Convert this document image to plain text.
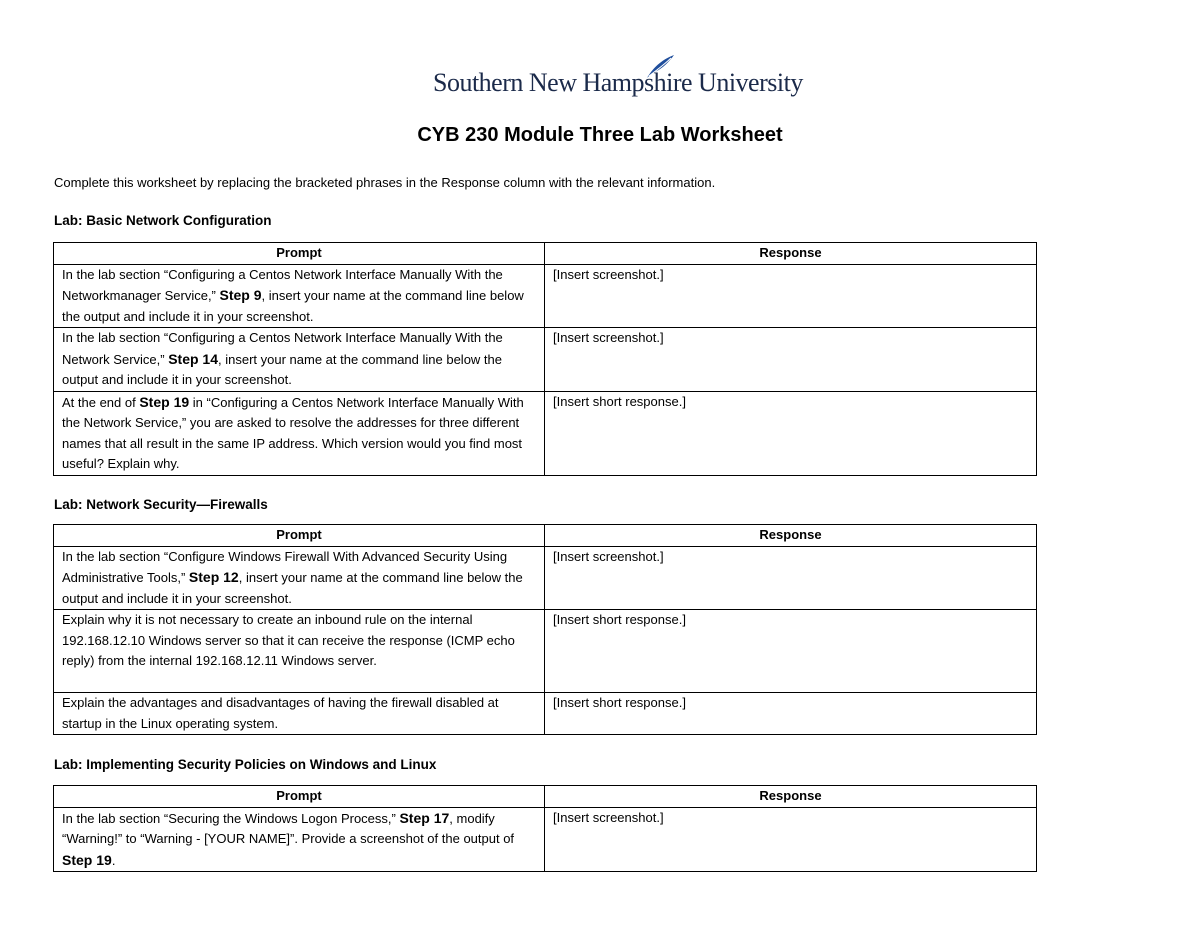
Southern New Hampshire University
CYB 230 Module Three Lab Worksheet
Complete this worksheet by replacing the bracketed phrases in the Response column with the relevant information.
Lab: Basic Network Configuration
Prompt	Response
In the lab section “Configuring a Centos Network Interface Manually With the Networkmanager Service,” Step 9, insert your name at the command line below the output and include it in your screenshot.	[Insert screenshot.]
In the lab section “Configuring a Centos Network Interface Manually With the Network Service,” Step 14, insert your name at the command line below the output and include it in your screenshot.	[Insert screenshot.]
At the end of Step 19 in “Configuring a Centos Network Interface Manually With the Network Service,” you are asked to resolve the addresses for three different names that all result in the same IP address. Which version would you find most useful? Explain why.	[Insert short response.]
Lab: Network Security—Firewalls
Prompt	Response
In the lab section “Configure Windows Firewall With Advanced Security Using Administrative Tools,” Step 12, insert your name at the command line below the output and include it in your screenshot.	[Insert screenshot.]
Explain why it is not necessary to create an inbound rule on the internal 192.168.12.10 Windows server so that it can receive the response (ICMP echo reply) from the internal 192.168.12.11 Windows server.	[Insert short response.]
Explain the advantages and disadvantages of having the firewall disabled at startup in the Linux operating system.	[Insert short response.]
Lab: Implementing Security Policies on Windows and Linux
Prompt	Response
In the lab section “Securing the Windows Logon Process,” Step 17, modify “Warning!” to “Warning - [YOUR NAME]”. Provide a screenshot of the output of Step 19.	[Insert screenshot.]
